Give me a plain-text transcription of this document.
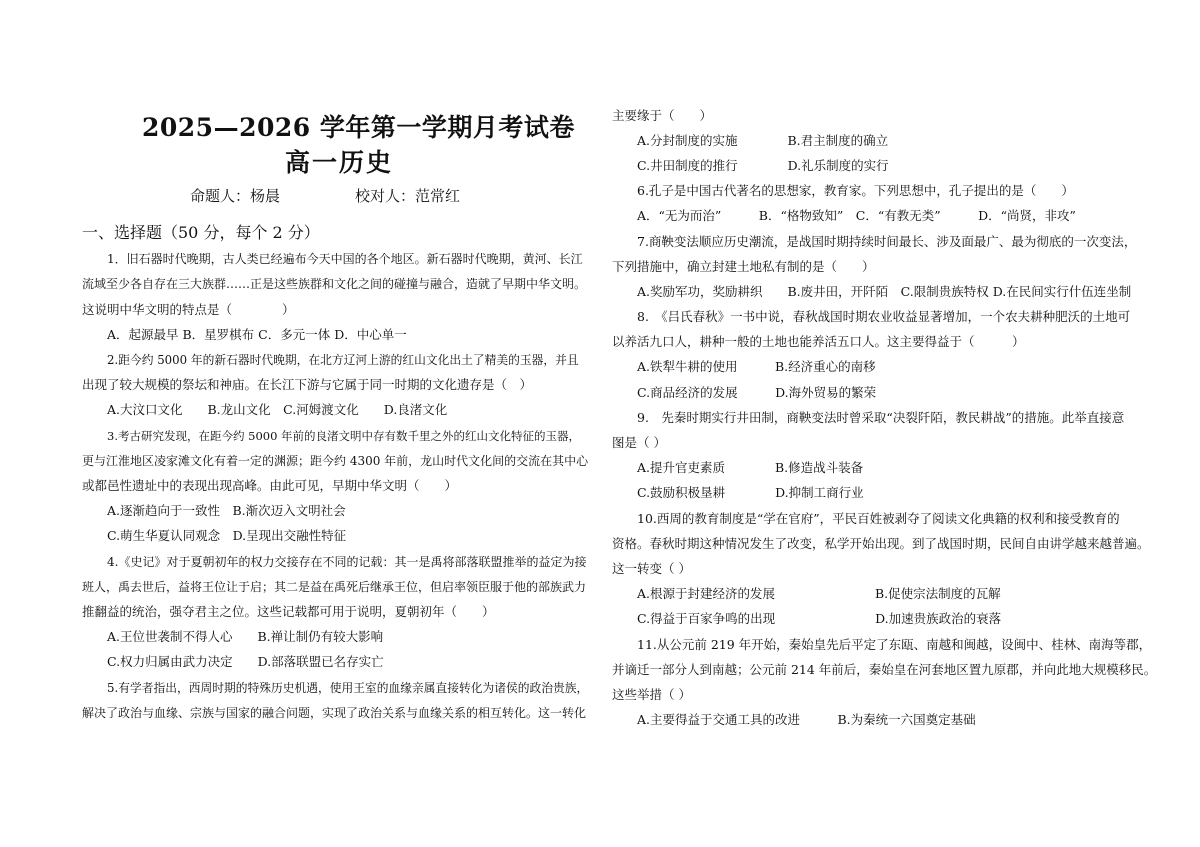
2025—2026 学年第一学期月考试卷
高一历史
命题人：杨晨	校对人：范常红
一、选择题（50 分，每个 2 分）
1．旧石器时代晚期，古人类已经遍布今天中国的各个地区。新石器时代晚期，黄河、长江
流域至少各自存在三大族群……正是这些族群和文化之间的碰撞与融合，造就了早期中华文明。
这说明中华文明的特点是（　　　　）
A．起源最早 B．星罗棋布 C．多元一体 D．中心单一
2.距今约 5000 年的新石器时代晚期，在北方辽河上游的红山文化出土了精美的玉器，并且
出现了较大规模的祭坛和神庙。在长江下游与它属于同一时期的文化遗存是（　）
A.大汶口文化　　B.龙山文化　C.河姆渡文化　　D.良渚文化
3.考古研究发现，在距今约 5000 年前的良渚文明中存有数千里之外的红山文化特征的玉器，
更与江淮地区凌家滩文化有着一定的渊源；距今约 4300 年前，龙山时代文化间的交流在其中心
或都邑性遗址中的表现出现高峰。由此可见，早期中华文明（　　）
A.逐渐趋向于一致性　B.渐次迈入文明社会
C.萌生华夏认同观念　D.呈现出交融性特征
4.《史记》对于夏朝初年的权力交接存在不同的记载：其一是禹将部落联盟推举的益定为接
班人，禹去世后，益将王位让于启；其二是益在禹死后继承王位，但启率领臣服于他的部族武力
推翻益的统治，强夺君主之位。这些记载都可用于说明，夏朝初年（　　）
A.王位世袭制不得人心　　B.禅让制仍有较大影响
C.权力归属由武力决定　　D.部落联盟已名存实亡
5.有学者指出，西周时期的特殊历史机遇，使用王室的血缘亲属直接转化为诸侯的政治贵族，
解决了政治与血缘、宗族与国家的融合问题，实现了政治关系与血缘关系的相互转化。这一转化
主要缘于（　　）
A.分封制度的实施　　　　B.君主制度的确立
C.井田制度的推行　　　　D.礼乐制度的实行
6.孔子是中国古代著名的思想家，教育家。下列思想中，孔子提出的是（　　）
A．“无为而治”　　　B．“格物致知”　C．“有教无类”　　　D．“尚贤，非攻”
7.商鞅变法顺应历史潮流，是战国时期持续时间最长、涉及面最广、最为彻底的一次变法，
下列措施中，确立封建土地私有制的是（　　）
A.奖励军功，奖励耕织　　B.废井田，开阡陌　C.限制贵族特权 D.在民间实行什伍连坐制
8.　《吕氏春秋》一书中说，春秋战国时期农业收益显著增加，一个农夫耕种肥沃的土地可
以养活九口人，耕种一般的土地也能养活五口人。这主要得益于（　　　）
A.铁犁牛耕的使用　　　B.经济重心的南移
C.商品经济的发展　　　D.海外贸易的繁荣
9.　先秦时期实行井田制，商鞅变法时曾采取“决裂阡陌，教民耕战”的措施。此举直接意
图是（ ）
A.提升官吏素质　　　　B.修造战斗装备
C.鼓励积极垦耕　　　　D.抑制工商行业
10.西周的教育制度是“学在官府”，平民百姓被剥夺了阅读文化典籍的权利和接受教育的
资格。春秋时期这种情况发生了改变，私学开始出现。到了战国时期，民间自由讲学越来越普遍。
这一转变（ ）
A.根源于封建经济的发展　　　　　　　　B.促使宗法制度的瓦解
C.得益于百家争鸣的出现　　　　　　　　D.加速贵族政治的衰落
11.从公元前 219 年开始，秦始皇先后平定了东瓯、南越和闽越，设闽中、桂林、南海等郡，
并谪迁一部分人到南越；公元前 214 年前后，秦始皇在河套地区置九原郡，并向此地大规模移民。
这些举措（ ）
A.主要得益于交通工具的改进　　　B.为秦统一六国奠定基础
